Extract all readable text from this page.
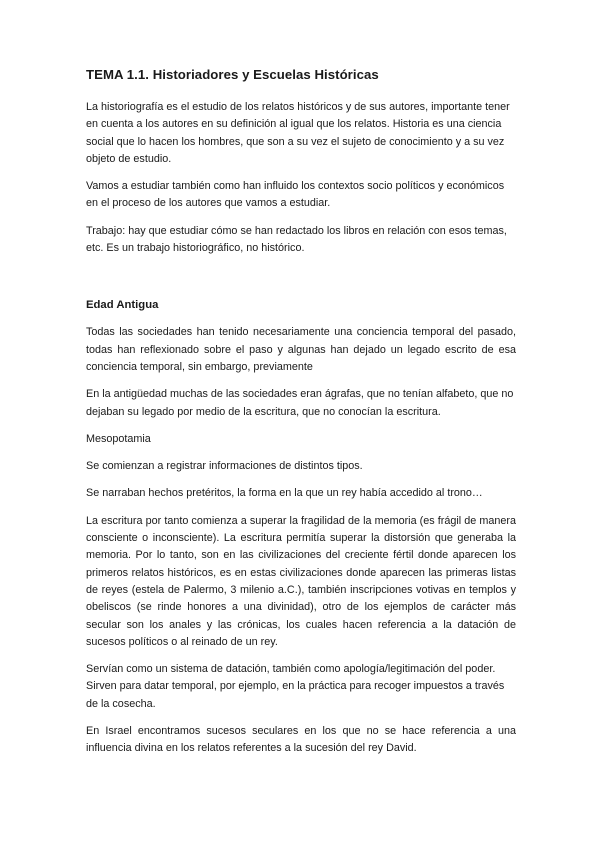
TEMA 1.1. Historiadores y Escuelas Históricas

La historiografía es el estudio de los relatos históricos y de sus autores, importante tener en cuenta a los autores en su definición al igual que los relatos. Historia es una ciencia social que lo hacen los hombres, que son a su vez el sujeto de conocimiento y a su vez objeto de estudio.

Vamos a estudiar también como han influido los contextos socio políticos y económicos en el proceso de los autores que vamos a estudiar.

Trabajo: hay que estudiar cómo se han redactado los libros en relación con esos temas, etc. Es un trabajo historiográfico, no histórico.

Edad Antigua

Todas las sociedades han tenido necesariamente una conciencia temporal del pasado, todas han reflexionado sobre el paso y algunas han dejado un legado escrito de esa conciencia temporal, sin embargo, previamente

En la antigüedad muchas de las sociedades eran ágrafas, que no tenían alfabeto, que no dejaban su legado por medio de la escritura, que no conocían la escritura.

Mesopotamia

Se comienzan a registrar informaciones de distintos tipos.

Se narraban hechos pretéritos, la forma en la que un rey había accedido al trono…

La escritura por tanto comienza a superar la fragilidad de la memoria (es frágil de manera consciente o inconsciente). La escritura permitía superar la distorsión que generaba la memoria. Por lo tanto, son en las civilizaciones del creciente fértil donde aparecen los primeros relatos históricos, es en estas civilizaciones donde aparecen las primeras listas de reyes (estela de Palermo, 3 milenio a.C.), también inscripciones votivas en templos y obeliscos (se rinde honores a una divinidad), otro de los ejemplos de carácter más secular son los anales y las crónicas, los cuales hacen referencia a la datación de sucesos políticos o al reinado de un rey.

Servían como un sistema de datación, también como apología/legitimación del poder. Sirven para datar temporal, por ejemplo, en la práctica para recoger impuestos a través de la cosecha.

En Israel encontramos sucesos seculares en los que no se hace referencia a una influencia divina en los relatos referentes a la sucesión del rey David.
